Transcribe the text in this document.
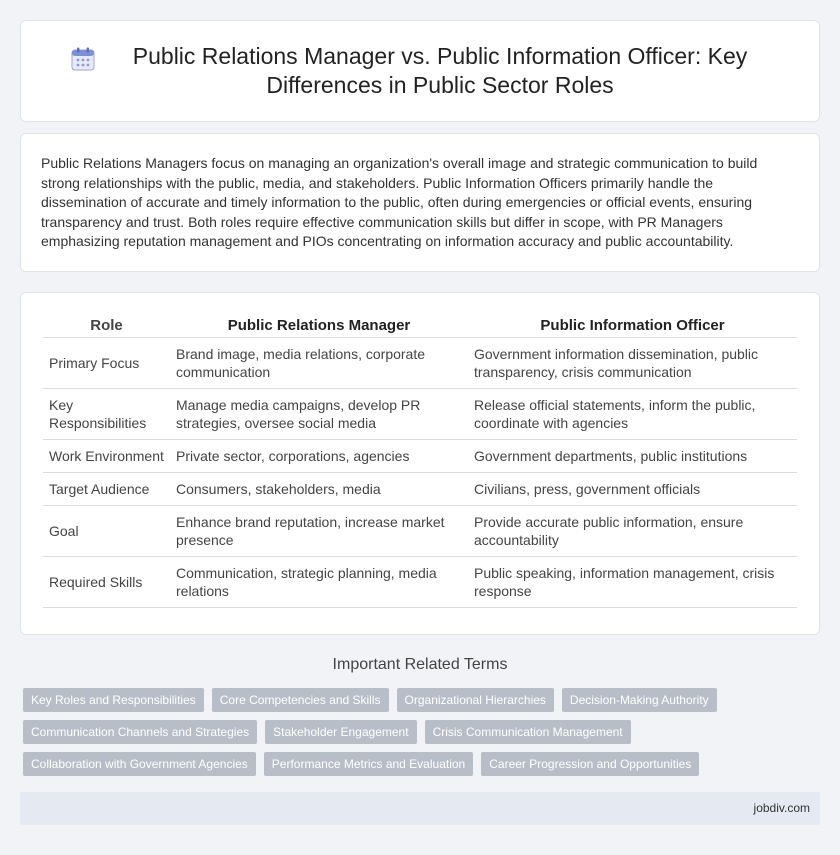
Public Relations Manager vs. Public Information Officer: Key Differences in Public Sector Roles

Public Relations Managers focus on managing an organization's overall image and strategic communication to build strong relationships with the public, media, and stakeholders. Public Information Officers primarily handle the dissemination of accurate and timely information to the public, often during emergencies or official events, ensuring transparency and trust. Both roles require effective communication skills but differ in scope, with PR Managers emphasizing reputation management and PIOs concentrating on information accuracy and public accountability.

Role	Public Relations Manager	Public Information Officer
Primary Focus	Brand image, media relations, corporate communication	Government information dissemination, public transparency, crisis communication
Key Responsibilities	Manage media campaigns, develop PR strategies, oversee social media	Release official statements, inform the public, coordinate with agencies
Work Environment	Private sector, corporations, agencies	Government departments, public institutions
Target Audience	Consumers, stakeholders, media	Civilians, press, government officials
Goal	Enhance brand reputation, increase market presence	Provide accurate public information, ensure accountability
Required Skills	Communication, strategic planning, media relations	Public speaking, information management, crisis response
Important Related Terms
Key Roles and Responsibilities	Core Competencies and Skills	Organizational Hierarchies	Decision-Making Authority
Communication Channels and Strategies	Stakeholder Engagement	Crisis Communication Management
Collaboration with Government Agencies	Performance Metrics and Evaluation	Career Progression and Opportunities
jobdiv.com
